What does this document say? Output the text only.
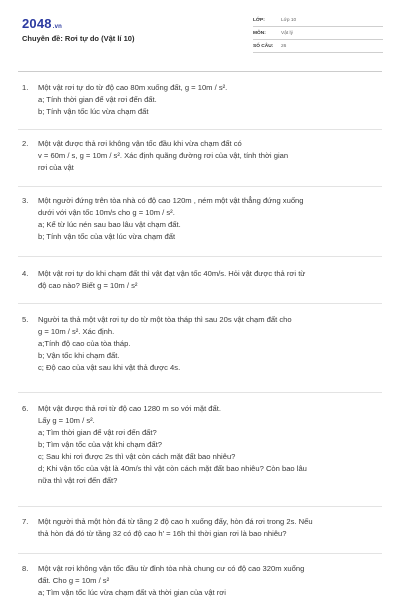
2048.vn
Chuyên đề: Rơi tự do (Vật lí 10)
LỚP:	Lớp 10
MÔN:	Vật lý
SỐ CÂU:	26
1.	Một vật rơi tự do từ độ cao 80m xuống đất, g = 10m / s².
a; Tính thời gian để vật rơi đến đất.
b; Tính vận tốc lúc vừa chạm đất
2.	Một vật được thả rơi không vận tốc đầu khi vừa chạm đất có
v = 60m / s, g = 10m / s². Xác định quãng đường rơi của vật, tính thời gian
rơi của vật
3.	Một người đứng trên tòa nhà có độ cao 120m , ném một vật thẳng đứng xuống
dưới với vận tốc 10m/s cho g = 10m / s².
a; Kể từ lúc nén sau bao lâu vật chạm đất.
b; Tính vận tốc của vật lúc vừa chạm đất
4.	Một vật rơi tự do khi chạm đất thì vật đạt vận tốc 40m/s. Hỏi vật được thả rơi từ
độ cao nào? Biết g = 10m / s²
5.	Người ta thả một vật rơi tự do từ một tòa tháp thì sau 20s vật chạm đất cho
g = 10m / s². Xác định.
a;Tính độ cao của tòa tháp.
b; Vận tốc khi chạm đất.
c; Độ cao của vật sau khi vật thả được 4s.
6.	Một vật được thả rơi từ độ cao 1280 m so với mặt đất.
Lấy g = 10m / s².
a; Tìm thời gian để vật rơi đến đất?
b; Tìm vận tốc của vật khi chạm đất?
c; Sau khi rơi được 2s thì vật còn cách mặt đất bao nhiêu?
d; Khi vận tốc của vật là 40m/s thì vật còn cách mặt đất bao nhiêu? Còn bao lâu
nữa thì vật rơi đến đất?
7.	Một người thả một hòn đá từ tầng 2 độ cao h xuống đấy, hòn đá rơi trong 2s. Nếu
thả hòn đá đó từ tầng 32 có độ cao h' = 16h thì thời gian rơi là bao nhiêu?
8.	Một vật rơi không vận tốc đầu từ đỉnh tòa nhà chung cư có độ cao 320m xuống
đất. Cho g = 10m / s²
a; Tìm vận tốc lúc vừa chạm đất và thời gian của vật rơi
